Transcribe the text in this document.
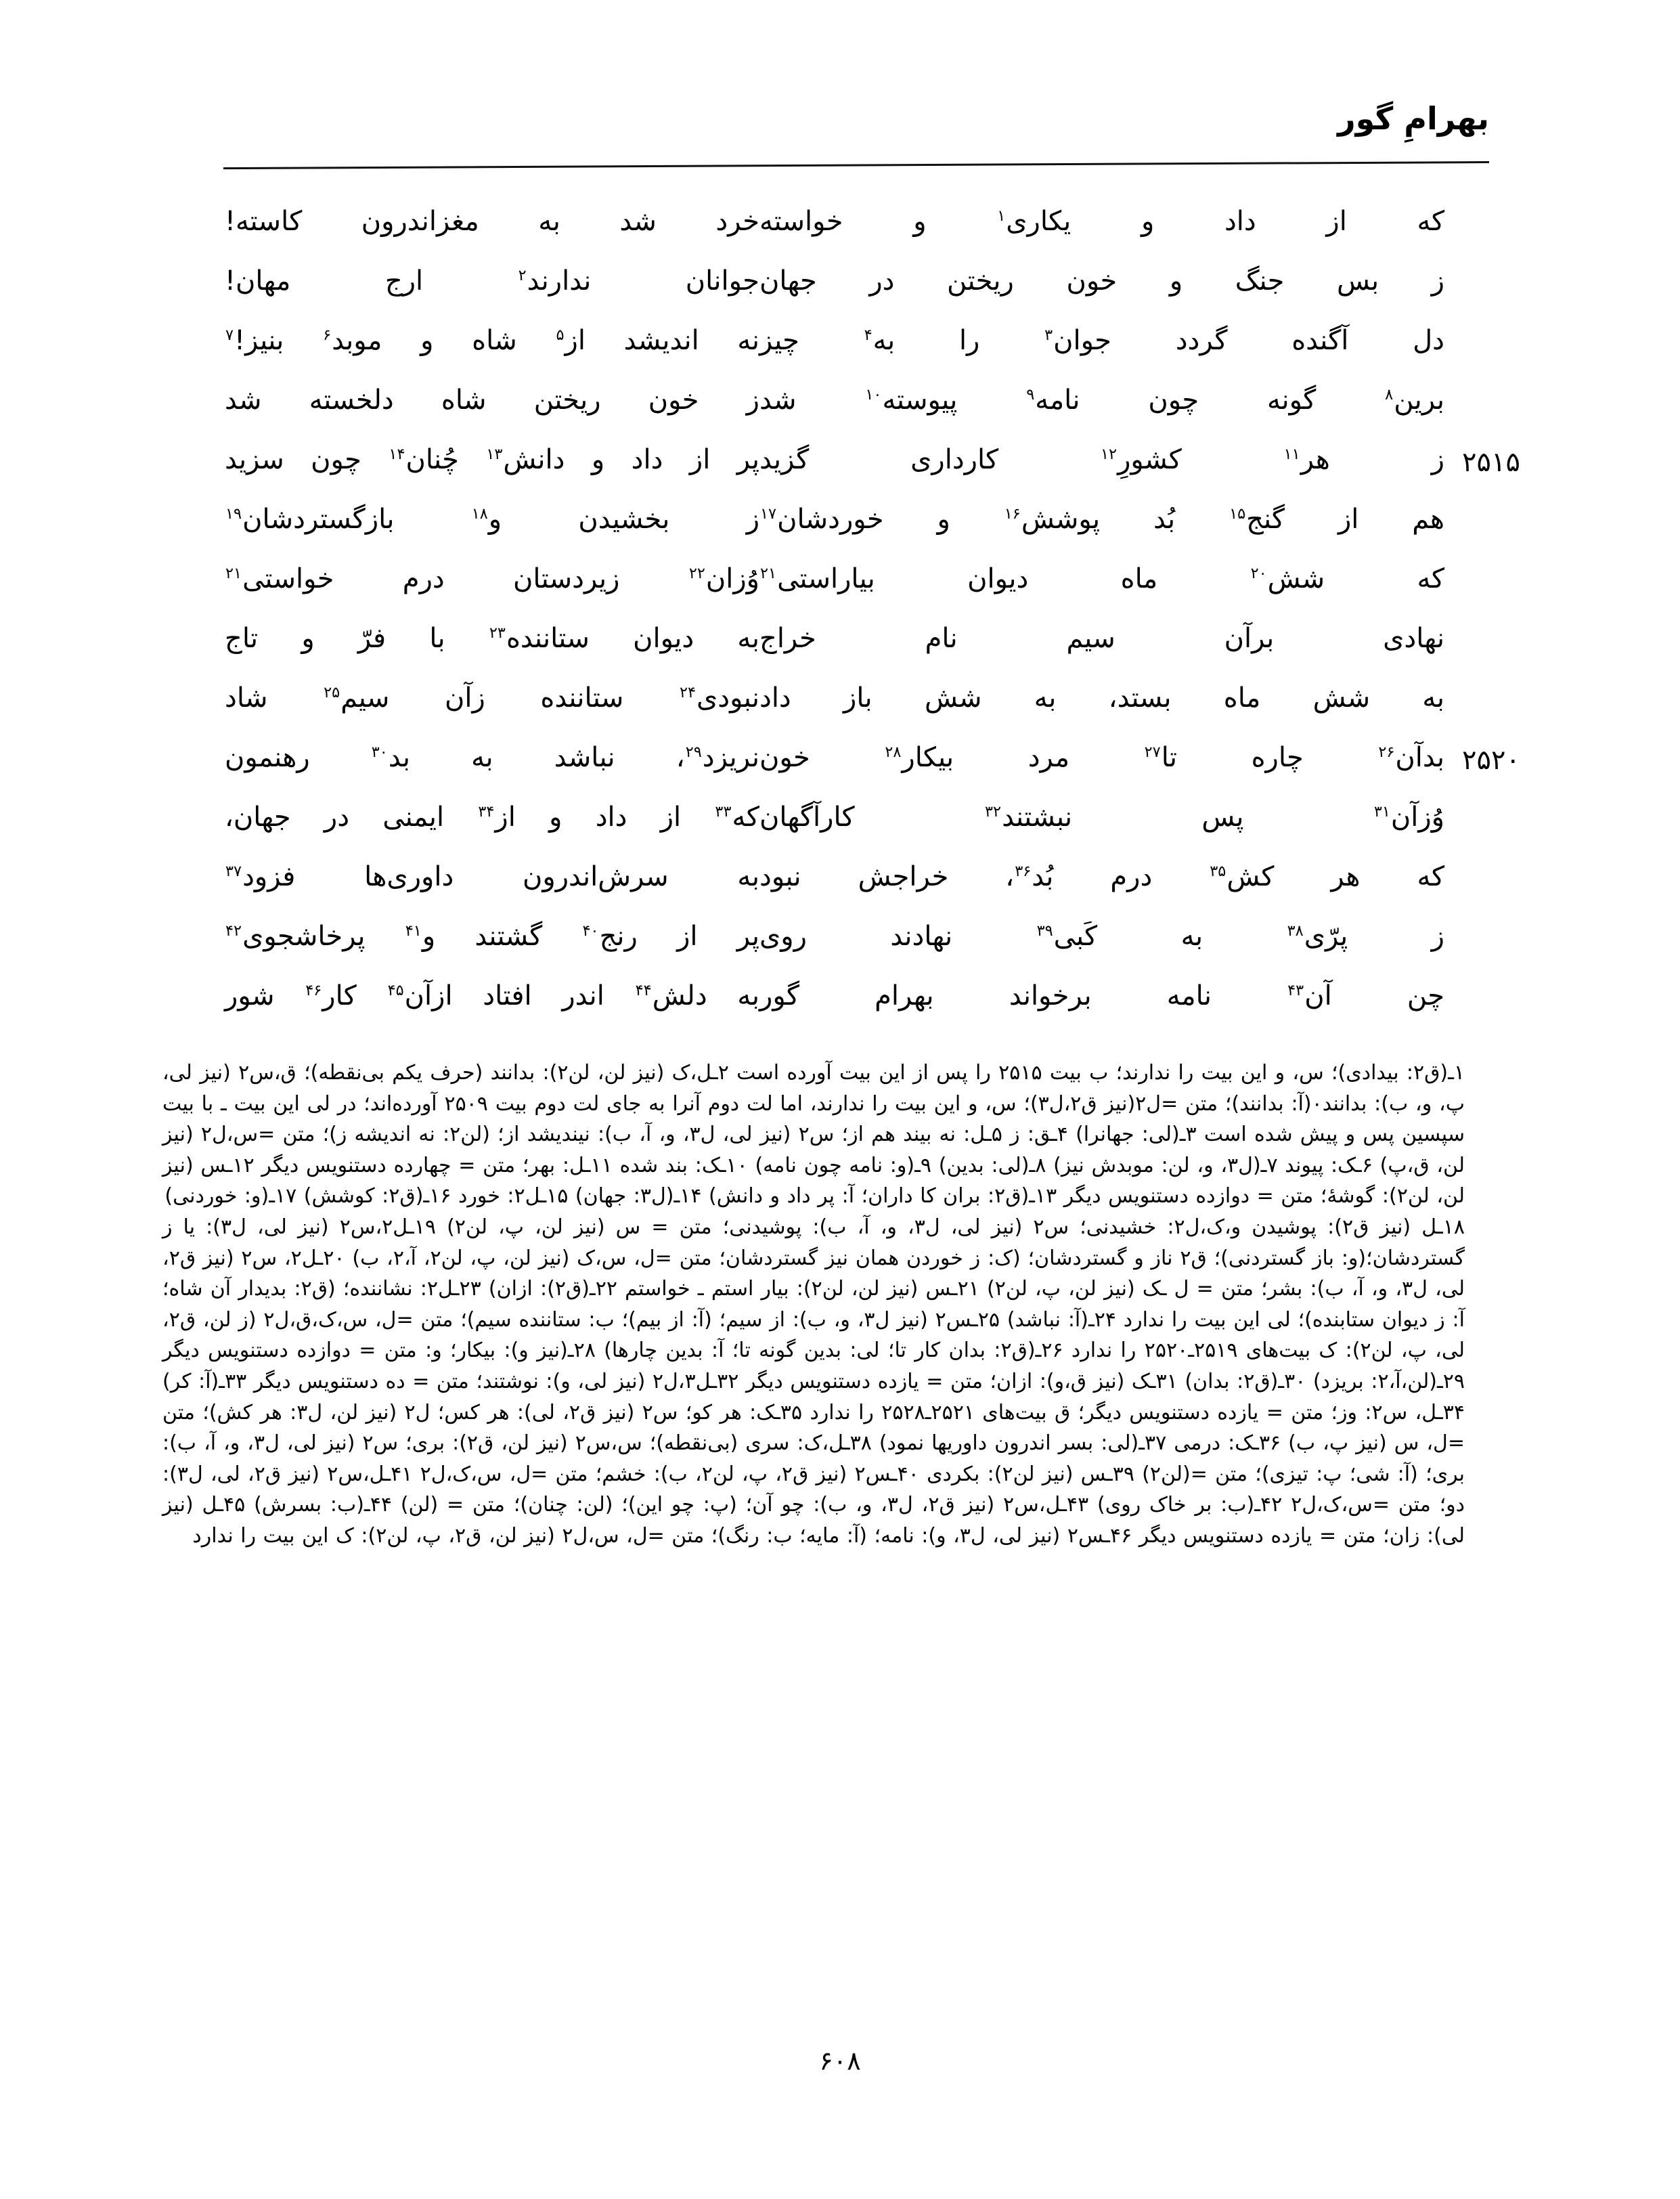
بهرامِ گور
که از داد و یکاری$^۱$ و خواسته
خرد شد به مغزاندرون کاسته!
ز بس جنگ و خون ریختن در جهان
جوانان ندارند$^۲$ ارج مهان!
دل آگنده گردد جوان$^۳$ را به$^۴$ چیز
نه اندیشد از$^۵$ شاه و موبد$^۶$ بنیز!$^۷$
برین$^۸$ گونه چون نامه$^۹$ پیوسته$^{۱۰}$ شد
ز خون ریختن شاه دلخسته شد
ز هر$^{۱۱}$ کشورِ$^{۱۲}$ کارداری گزید	۲۵۱۵
پر از داد و دانش$^{۱۳}$ چُنان$^{۱۴}$ چون سزید
هم از گنج$^{۱۵}$ بُد پوشش$^{۱۶}$ و خوردشان$^{۱۷}$
ز بخشیدن و$^{۱۸}$ بازگستردشان$^{۱۹}$
که شش$^{۲۰}$ ماه دیوان بیاراستی$^{۲۱}$
وُزان$^{۲۲}$ زیردستان درم خواستی$^{۲۱}$
نهادی برآن سیم نام خراج
به دیوان ستاننده$^{۲۳}$ با فرّ و تاج
به شش ماه بستد، به شش باز داد
نبودی$^{۲۴}$ ستاننده زآن سیم$^{۲۵}$ شاد
بدآن$^{۲۶}$ چاره تا$^{۲۷}$ مرد بیکار$^{۲۸}$ خون	۲۵۲۰
نریزد$^{۲۹}$، نباشد به بد$^{۳۰}$ رهنمون
وُزآن$^{۳۱}$ پس نبشتند$^{۳۲}$ کارآگهان
که$^{۳۳}$ از داد و از$^{۳۴}$ ایمنی در جهان،
که هر کش$^{۳۵}$ درم بُد$^{۳۶}$، خراجش نبود
به سرش‌اندرون داوری‌ها فزود$^{۳۷}$
ز پرّی$^{۳۸}$ به کَبی$^{۳۹}$ نهادند روی
پر از رنج$^{۴۰}$ گشتند و$^{۴۱}$ پرخاشجوی$^{۴۲}$
چن آن$^{۴۳}$ نامه برخواند بهرام گور
به دلش$^{۴۴}$ اندر افتاد ازآن$^{۴۵}$ کار$^{۴۶}$ شور

۱ـ(ق۲: بیدادی)؛ س، و این بیت را ندارند؛ ب بیت ۲۵۱۵ را پس از این بیت آورده است ۲ـل،ک (نیز لن، لن۲): بدانند (حرف یکم بی‌نقطه)؛ ق،س۲ (نیز لی، پ، و، ب): بدانند۰(آ: بدانند)؛ متن =ل۲(نیز ق۲،ل۳)؛ س، و این بیت را ندارند، اما لت دوم آنرا به جای لت دوم بیت ۲۵۰۹ آورده‌اند؛ در لی این بیت ـ با بیت سپسین پس و پیش شده است ۳ـ(لی: جهانرا) ۴ـق: ز ۵ـل: نه بیند هم از؛ س۲ (نیز لی، ل۳، و، آ، ب): نیندیشد از؛ (لن۲: نه اندیشه ز)؛ متن =س،ل۲ (نیز لن، ق،پ) ۶ـک: پیوند ۷ـ(ل۳، و، لن: موبدش نیز) ۸ـ(لی: بدین) ۹ـ(و: نامه چون نامه) ۱۰ـک: بند شده ۱۱ـل: بهر؛ متن = چهارده دستنویس دیگر ۱۲ـس (نیز لن، لن۲): گوشهٔ؛ متن = دوازده دستنویس دیگر ۱۳ـ(ق۲: بران کا داران؛ آ: پر داد و دانش) ۱۴ـ(ل۳: جهان) ۱۵ـل۲: خورد ۱۶ـ(ق۲: کوشش) ۱۷ـ(و: خوردنی)

۱۸ـل (نیز ق۲): پوشیدن و،ک،ل۲: خشیدنی؛ س۲ (نیز لی، ل۳، و، آ، ب): پوشیدنی؛ متن = س (نیز لن، پ، لن۲) ۱۹ـل۲،س۲ (نیز لی، ل۳): یا ز گستردشان؛(و: باز گستردنی)؛ ق۲ ناز و گستردشان؛ (ک: ز خوردن همان نیز گستردشان؛ متن =ل، س،ک (نیز لن، پ، لن۲، آ،۲، ب) ۲۰ـل۲، س۲ (نیز ق۲، لی، ل۳، و، آ، ب): بشر؛ متن = ل ـک (نیز لن، پ، لن۲) ۲۱ـس (نیز لن، لن۲): بیار استم ـ خواستم ۲۲ـ(ق۲): ازان) ۲۳ـل۲: نشاننده؛ (ق۲: بدیدار آن شاه؛ آ: ز دیوان ستابنده)؛ لی این بیت را ندارد ۲۴ـ(آ: نباشد) ۲۵ـس۲ (نیز ل۳، و، ب): از سیم؛ (آ: از بیم)؛ ب: ستاننده سیم)؛ متن =ل، س،ک،ق،ل۲ (ز لن، ق۲، لی، پ، لن۲): ک بیت‌های ۲۵۱۹ـ۲۵۲۰ را ندارد ۲۶ـ(ق۲: بدان کار تا؛ لی: بدین گونه تا؛ آ: بدین چارها) ۲۸ـ(نیز و): بیکار؛ و: متن = دوازده دستنویس دیگر ۲۹ـ(لن،آ،۲: بریزد) ۳۰ـ(ق۲: بدان) ۳۱ـک (نیز ق،و): ازان؛ متن = یازده دستنویس دیگر ۳۲ـل۳،ل۲ (نیز لی، و): نوشتند؛ متن = ده دستنویس دیگر ۳۳ـ(آ: کر) ۳۴ـل، س۲: وز؛ متن = یازده دستنویس دیگر؛ ق بیت‌های ۲۵۲۱ـ۲۵۲۸ را ندارد ۳۵ـک: هر کو؛ س۲ (نیز ق۲، لی): هر کس؛ ل۲ (نیز لن، ل۳: هر کش)؛ متن =ل، س (نیز پ، ب) ۳۶ـک: درمی ۳۷ـ(لی: بسر اندرون داوریها نمود) ۳۸ـل،ک: سری (بی‌نقطه)؛ س،س۲ (نیز لن، ق۲): بری؛ س۲ (نیز لی، ل۳، و، آ، ب): بری؛ (آ: شی؛ پ: تیزی)؛ متن =(لن۲) ۳۹ـس (نیز لن۲): بکردی ۴۰ـس۲ (نیز ق۲، پ، لن۲، ب): خشم؛ متن =ل، س،ک،ل۲ ۴۱ـل،س۲ (نیز ق۲، لی، ل۳): دو؛ متن =س،ک،ل۲ ۴۲ـ(ب: بر خاک روی) ۴۳ـل،س۲ (نیز ق۲، ل۳، و، ب): چو آن؛ (پ: چو این)؛ (لن: چنان)؛ متن = (لن) ۴۴ـ(ب: بسرش) ۴۵ـل (نیز لی): زان؛ متن = یازده دستنویس دیگر ۴۶ـس۲ (نیز لی، ل۳، و): نامه؛ (آ: مایه؛ ب: رنگ)؛ متن =ل، س،ل۲ (نیز لن، ق۲، پ، لن۲): ک این بیت را ندارد

۶۰۸
